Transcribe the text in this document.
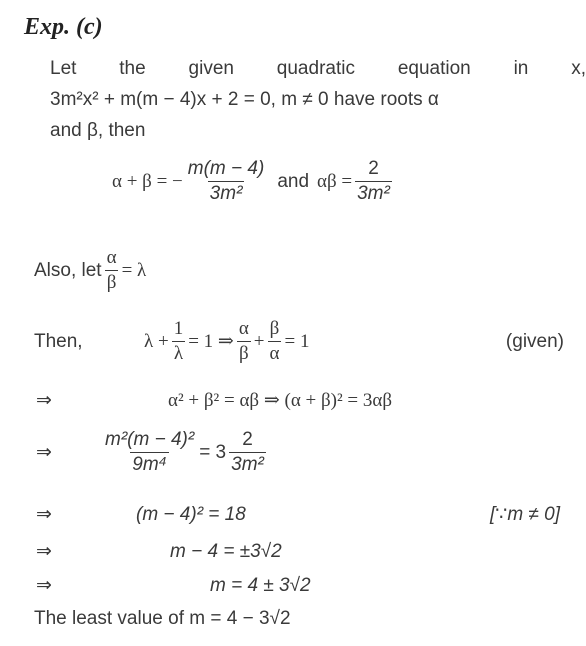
Exp. (c)
Let the given quadratic equation in x,
3m²x² + m(m − 4)x + 2 = 0, m ≠ 0 have roots α
and β, then
α + β = − $\frac{m(m - 4)}{\text{3m²}}$ and $\alpha\beta = \frac{2}{\text{3m²}}$
Also, let $\frac{\alpha}{\beta} = \lambda$
Then,	$\lambda + \frac{1}{\lambda} = 1$ ⇒ $\frac{\alpha}{\beta} + \frac{\beta}{\alpha} = 1$	(given)
⇒	α² + β² = αβ ⇒ (α + β)² = 3αβ
⇒	$\frac{\text{m²(m − 4)²}}{\text{9m⁴}} = 3 \frac{2}{\text{3m²}}$
⇒	(m − 4)² = 18	[∵m ≠ 0]
⇒	m − 4 = ±3√2
⇒	m = 4 ± 3√2
The least value of m = 4 − 3√2
